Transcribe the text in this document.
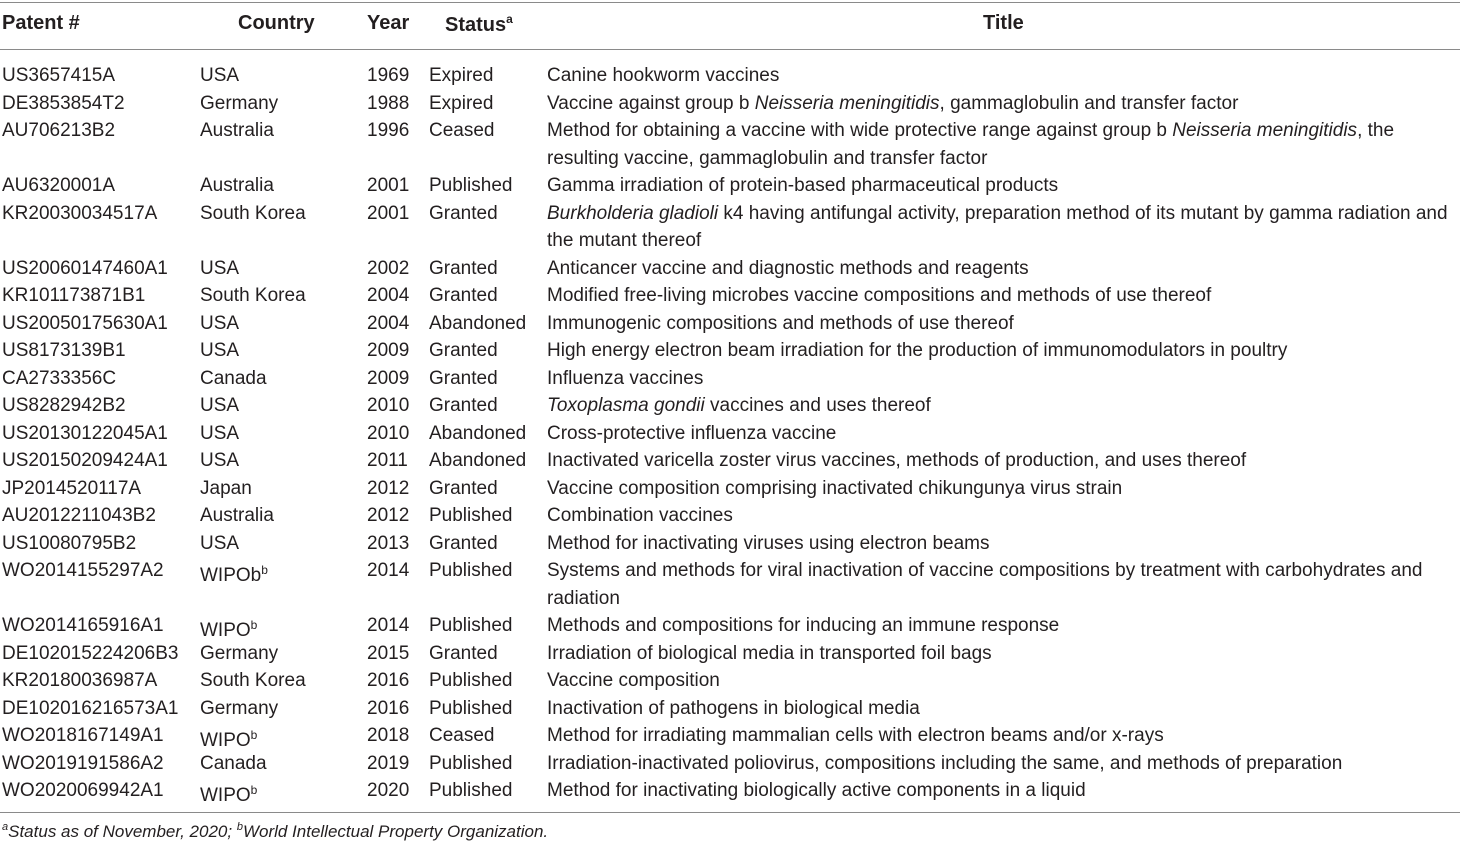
Patent #	Country	Year Status$^a$	Title
US3657415A	USA	1969 Expired	Canine hookworm vaccines
DE3853854T2	Germany	1988 Expired	Vaccine against group b Neisseria meningitidis, gammaglobulin and transfer factor
AU706213B2	Australia	1996 Ceased	Method for obtaining a vaccine with wide protective range against group b Neisseria meningitidis, the resulting vaccine, gammaglobulin and transfer factor
AU6320001A	Australia	2001 Published Gamma irradiation of protein-based pharmaceutical products
KR20030034517A South Korea	2001 Granted	Burkholderia gladioli k4 having antifungal activity, preparation method of its mutant by gamma radiation and the mutant thereof
US20060147460A1 USA	2002 Granted	Anticancer vaccine and diagnostic methods and reagents
KR101173871B1	South Korea	2004 Granted	Modified free-living microbes vaccine compositions and methods of use thereof
US20050175630A1 USA	2004 Abandoned Immunogenic compositions and methods of use thereof
US8173139B1	USA	2009 Granted	High energy electron beam irradiation for the production of immunomodulators in poultry
CA2733356C	Canada	2009 Granted	Influenza vaccines
US8282942B2	USA	2010 Granted	Toxoplasma gondii vaccines and uses thereof
US20130122045A1 USA	2010 Abandoned Cross-protective influenza vaccine
US20150209424A1 USA	2011 Abandoned Inactivated varicella zoster virus vaccines, methods of production, and uses thereof
JP2014520117A	Japan	2012 Granted	Vaccine composition comprising inactivated chikungunya virus strain
AU2012211043B2 Australia	2012 Published Combination vaccines
US10080795B2	USA	2013 Granted	Method for inactivating viruses using electron beams
WO2014155297A2 WIPOb$^b$	2014 Published Systems and methods for viral inactivation of vaccine compositions by treatment with carbohydrates and radiation
WO2014165916A1 WIPO$^b$	2014 Published Methods and compositions for inducing an immune response
DE102015224206B3 Germany	2015 Granted	Irradiation of biological media in transported foil bags
KR20180036987A South Korea	2016 Published Vaccine composition
DE102016216573A1 Germany	2016 Published Inactivation of pathogens in biological media
WO2018167149A1 WIPO$^b$	2018 Ceased	Method for irradiating mammalian cells with electron beams and/or x-rays
WO2019191586A2 Canada	2019 Published Irradiation-inactivated poliovirus, compositions including the same, and methods of preparation
WO2020069942A1 WIPO$^b$	2020 Published Method for inactivating biologically active components in a liquid
$^a$Status as of November, 2020; $^b$World Intellectual Property Organization.
